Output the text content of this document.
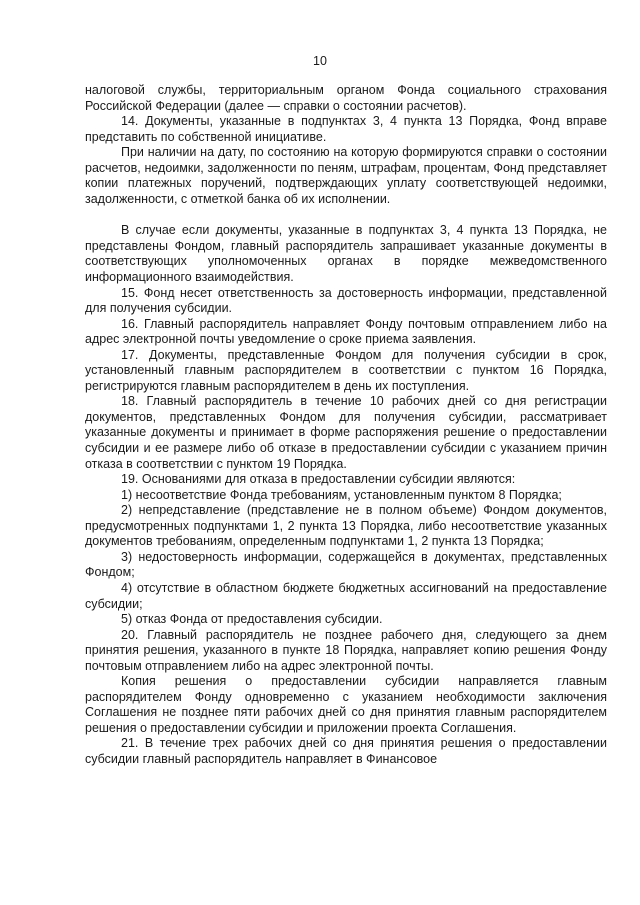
10

налоговой службы, территориальным органом Фонда социального страхования Российской Федерации (далее — справки о состоянии расчетов).

14. Документы, указанные в подпунктах 3, 4 пункта 13 Порядка, Фонд вправе представить по собственной инициативе.

При наличии на дату, по состоянию на которую формируются справки о состоянии расчетов, недоимки, задолженности по пеням, штрафам, процентам, Фонд представляет копии платежных поручений, подтверждающих уплату соответствующей недоимки, задолженности, с отметкой банка об их исполнении.

В случае если документы, указанные в подпунктах 3, 4 пункта 13 Порядка, не представлены Фондом, главный распорядитель запрашивает указанные документы в соответствующих уполномоченных органах в порядке межведомственного информационного взаимодействия.

15. Фонд несет ответственность за достоверность информации, представленной для получения субсидии.

16. Главный распорядитель направляет Фонду почтовым отправлением либо на адрес электронной почты уведомление о сроке приема заявления.

17. Документы, представленные Фондом для получения субсидии в срок, установленный главным распорядителем в соответствии с пунктом 16 Порядка, регистрируются главным распорядителем в день их поступления.

18. Главный распорядитель в течение 10 рабочих дней со дня регистрации документов, представленных Фондом для получения субсидии, рассматривает указанные документы и принимает в форме распоряжения решение о предоставлении субсидии и ее размере либо об отказе в предоставлении субсидии с указанием причин отказа в соответствии с пунктом 19 Порядка.

19. Основаниями для отказа в предоставлении субсидии являются:

1) несоответствие Фонда требованиям, установленным пунктом 8 Порядка;

2) непредставление (представление не в полном объеме) Фондом документов, предусмотренных подпунктами 1, 2 пункта 13 Порядка, либо несоответствие указанных документов требованиям, определенным подпунктами 1, 2 пункта 13 Порядка;

3) недостоверность информации, содержащейся в документах, представленных Фондом;

4) отсутствие в областном бюджете бюджетных ассигнований на предоставление субсидии;

5) отказ Фонда от предоставления субсидии.

20. Главный распорядитель не позднее рабочего дня, следующего за днем принятия решения, указанного в пункте 18 Порядка, направляет копию решения Фонду почтовым отправлением либо на адрес электронной почты.

Копия решения о предоставлении субсидии направляется главным распорядителем Фонду одновременно с указанием необходимости заключения Соглашения не позднее пяти рабочих дней со дня принятия главным распорядителем решения о предоставлении субсидии и приложении проекта Соглашения.

21. В течение трех рабочих дней со дня принятия решения о предоставлении субсидии главный распорядитель направляет в Финансовое
